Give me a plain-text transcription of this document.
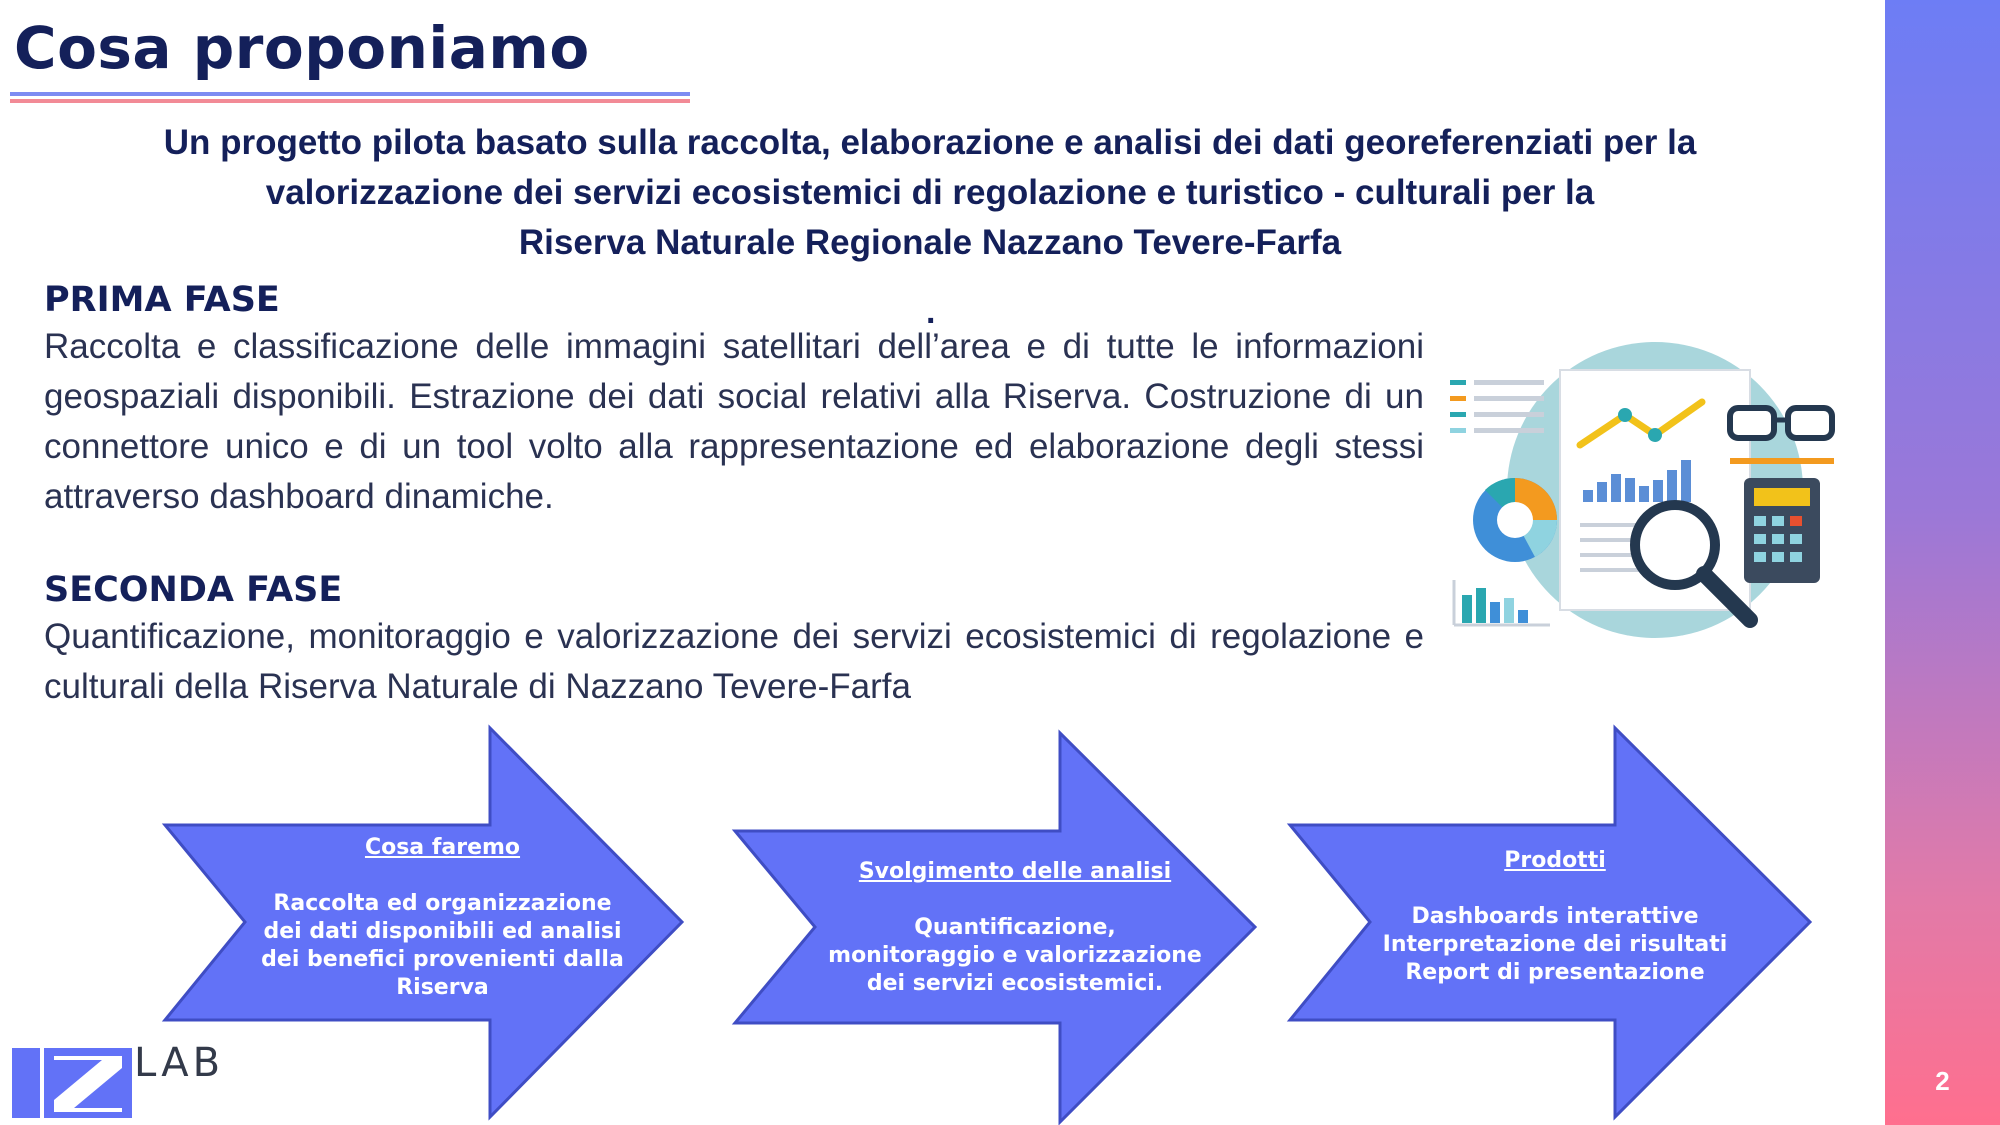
2
Cosa proponiamo
Un progetto pilota basato sulla raccolta, elaborazione e analisi dei dati georeferenziati per la
valorizzazione dei servizi ecosistemici di regolazione e turistico - culturali per la
Riserva Naturale Regionale Nazzano Tevere-Farfa
.
PRIMA FASE
Raccolta e classificazione delle immagini satellitari dell’area e di tutte le informazioni geospaziali disponibili. Estrazione dei dati social relativi alla Riserva. Costruzione di un connettore unico e di un tool volto alla rappresentazione ed elaborazione degli stessi attraverso dashboard dinamiche.
SECONDA FASE
Quantificazione, monitoraggio e valorizzazione dei servizi ecosistemici di regolazione e culturali della Riserva Naturale di Nazzano Tevere-Farfa
Cosa faremo
Raccolta ed organizzazione
dei dati disponibili ed analisi
dei benefici provenienti dalla
Riserva
Svolgimento delle analisi
Quantificazione,
monitoraggio e valorizzazione
dei servizi ecosistemici.
Prodotti
Dashboards interattive
Interpretazione dei risultati
Report di presentazione
LAB
